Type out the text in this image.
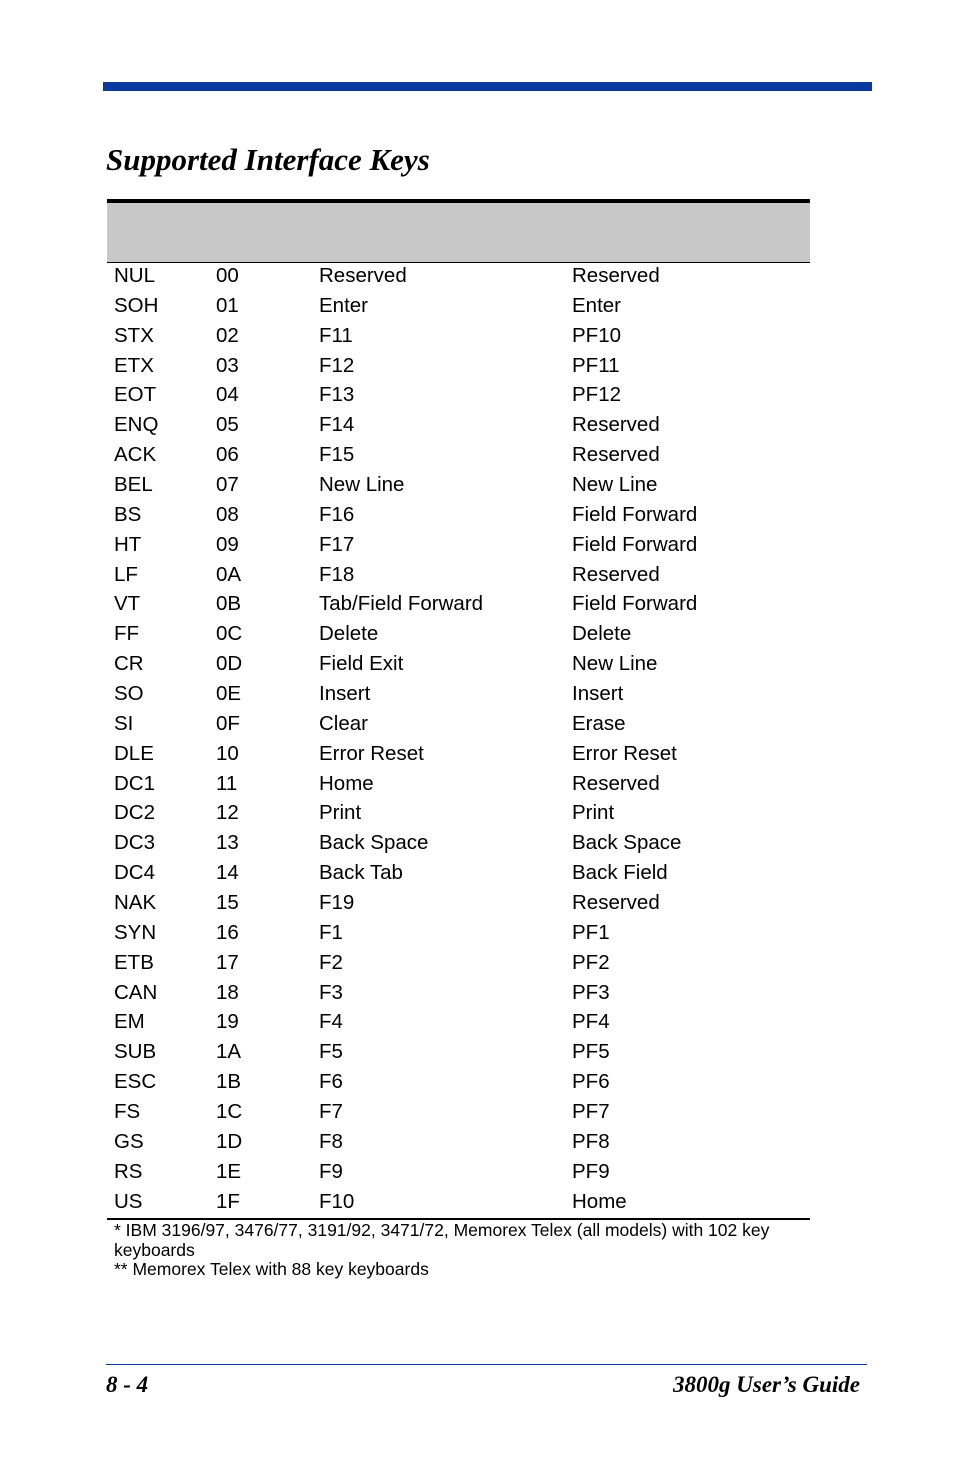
Supported Interface Keys
NUL	00	Reserved	Reserved
SOH	01	Enter	Enter
STX	02	F11	PF10
ETX	03	F12	PF11
EOT	04	F13	PF12
ENQ	05	F14	Reserved
ACK	06	F15	Reserved
BEL	07	New Line	New Line
BS	08	F16	Field Forward
HT	09	F17	Field Forward
LF	0A	F18	Reserved
VT	0B	Tab/Field Forward	Field Forward
FF	0C	Delete	Delete
CR	0D	Field Exit	New Line
SO	0E	Insert	Insert
SI	0F	Clear	Erase
DLE	10	Error Reset	Error Reset
DC1	11	Home	Reserved
DC2	12	Print	Print
DC3	13	Back Space	Back Space
DC4	14	Back Tab	Back Field
NAK	15	F19	Reserved
SYN	16	F1	PF1
ETB	17	F2	PF2
CAN	18	F3	PF3
EM	19	F4	PF4
SUB	1A	F5	PF5
ESC	1B	F6	PF6
FS	1C	F7	PF7
GS	1D	F8	PF8
RS	1E	F9	PF9
US	1F	F10	Home
* IBM 3196/97, 3476/77, 3191/92, 3471/72, Memorex Telex (all models) with 102 key keyboards
** Memorex Telex with 88 key keyboards
8 - 4	3800g User’s Guide
